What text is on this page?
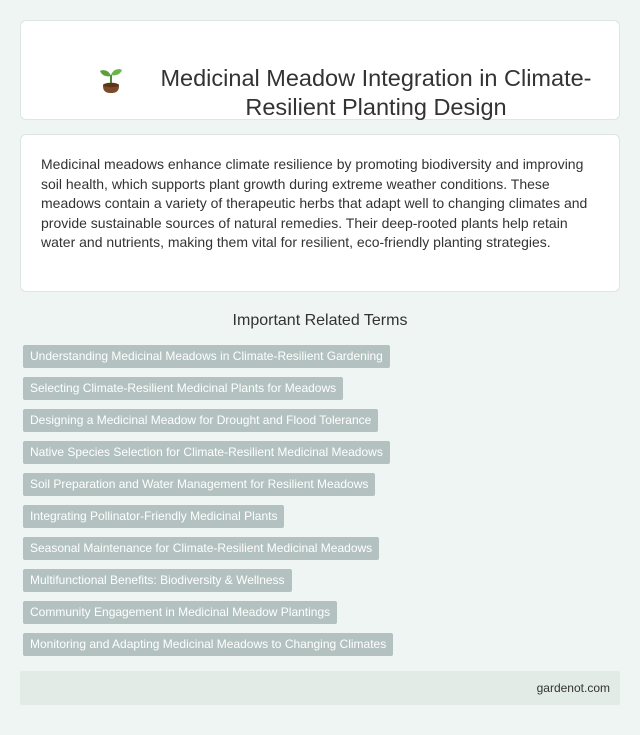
Medicinal Meadow Integration in Climate-Resilient Planting Design

Medicinal meadows enhance climate resilience by promoting biodiversity and improving soil health, which supports plant growth during extreme weather conditions. These meadows contain a variety of therapeutic herbs that adapt well to changing climates and provide sustainable sources of natural remedies. Their deep-rooted plants help retain water and nutrients, making them vital for resilient, eco-friendly planting strategies.

Important Related Terms
Understanding Medicinal Meadows in Climate-Resilient Gardening
Selecting Climate-Resilient Medicinal Plants for Meadows
Designing a Medicinal Meadow for Drought and Flood Tolerance
Native Species Selection for Climate-Resilient Medicinal Meadows
Soil Preparation and Water Management for Resilient Meadows
Integrating Pollinator-Friendly Medicinal Plants
Seasonal Maintenance for Climate-Resilient Medicinal Meadows
Multifunctional Benefits: Biodiversity & Wellness
Community Engagement in Medicinal Meadow Plantings
Monitoring and Adapting Medicinal Meadows to Changing Climates
gardenot.com
